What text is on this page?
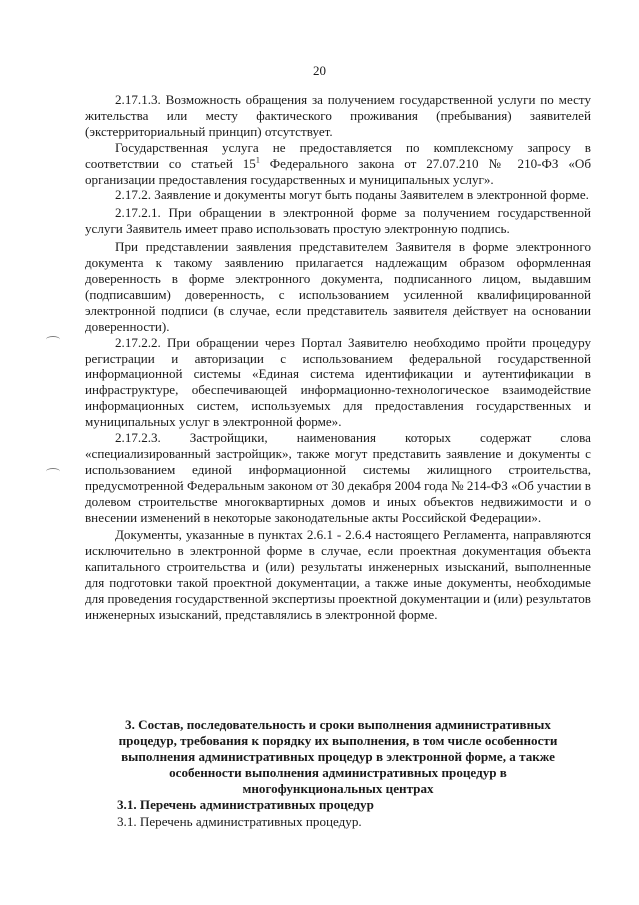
20

2.17.1.3. Возможность обращения за получением государственной услуги по месту жительства или месту фактического проживания (пребывания) заявителей (экстерриториальный принцип) отсутствует.

Государственная услуга не предоставляется по комплексному запросу в соответствии со статьей $15^1$ Федерального закона от 27.07.210 № 210-ФЗ «Об организации предоставления государственных и муниципальных услуг».

2.17.2. Заявление и документы могут быть поданы Заявителем в электронной форме.

2.17.2.1. При обращении в электронной форме за получением государственной услуги Заявитель имеет право использовать простую электронную подпись.

При представлении заявления представителем Заявителя в форме электронного документа к такому заявлению прилагается надлежащим образом оформленная доверенность в форме электронного документа, подписанного лицом, выдавшим (подписавшим) доверенность, с использованием усиленной квалифицированной электронной подписи (в случае, если представитель заявителя действует на основании доверенности).

2.17.2.2. При обращении через Портал Заявителю необходимо пройти процедуру регистрации и авторизации с использованием федеральной государственной информационной системы «Единая система идентификации и аутентификации в инфраструктуре, обеспечивающей информационно-технологическое взаимодействие информационных систем, используемых для предоставления государственных и муниципальных услуг в электронной форме».

2.17.2.3. Застройщики, наименования которых содержат слова «специализированный застройщик», также могут представить заявление и документы с использованием единой информационной системы жилищного строительства, предусмотренной Федеральным законом от 30 декабря 2004 года № 214-ФЗ «Об участии в долевом строительстве многоквартирных домов и иных объектов недвижимости и о внесении изменений в некоторые законодательные акты Российской Федерации».

Документы, указанные в пунктах 2.6.1 - 2.6.4 настоящего Регламента, направляются исключительно в электронной форме в случае, если проектная документация объекта капитального строительства и (или) результаты инженерных изысканий, выполненные для подготовки такой проектной документации, а также иные документы, необходимые для проведения государственной экспертизы проектной документации и (или) результатов инженерных изысканий, представлялись в электронной форме.

3. Состав, последовательность и сроки выполнения административных
процедур, требования к порядку их выполнения, в том числе особенности
выполнения административных процедур в электронной форме, а также
особенности выполнения административных процедур в
многофункциональных центрах
3.1. Перечень административных процедур
3.1. Перечень административных процедур.
